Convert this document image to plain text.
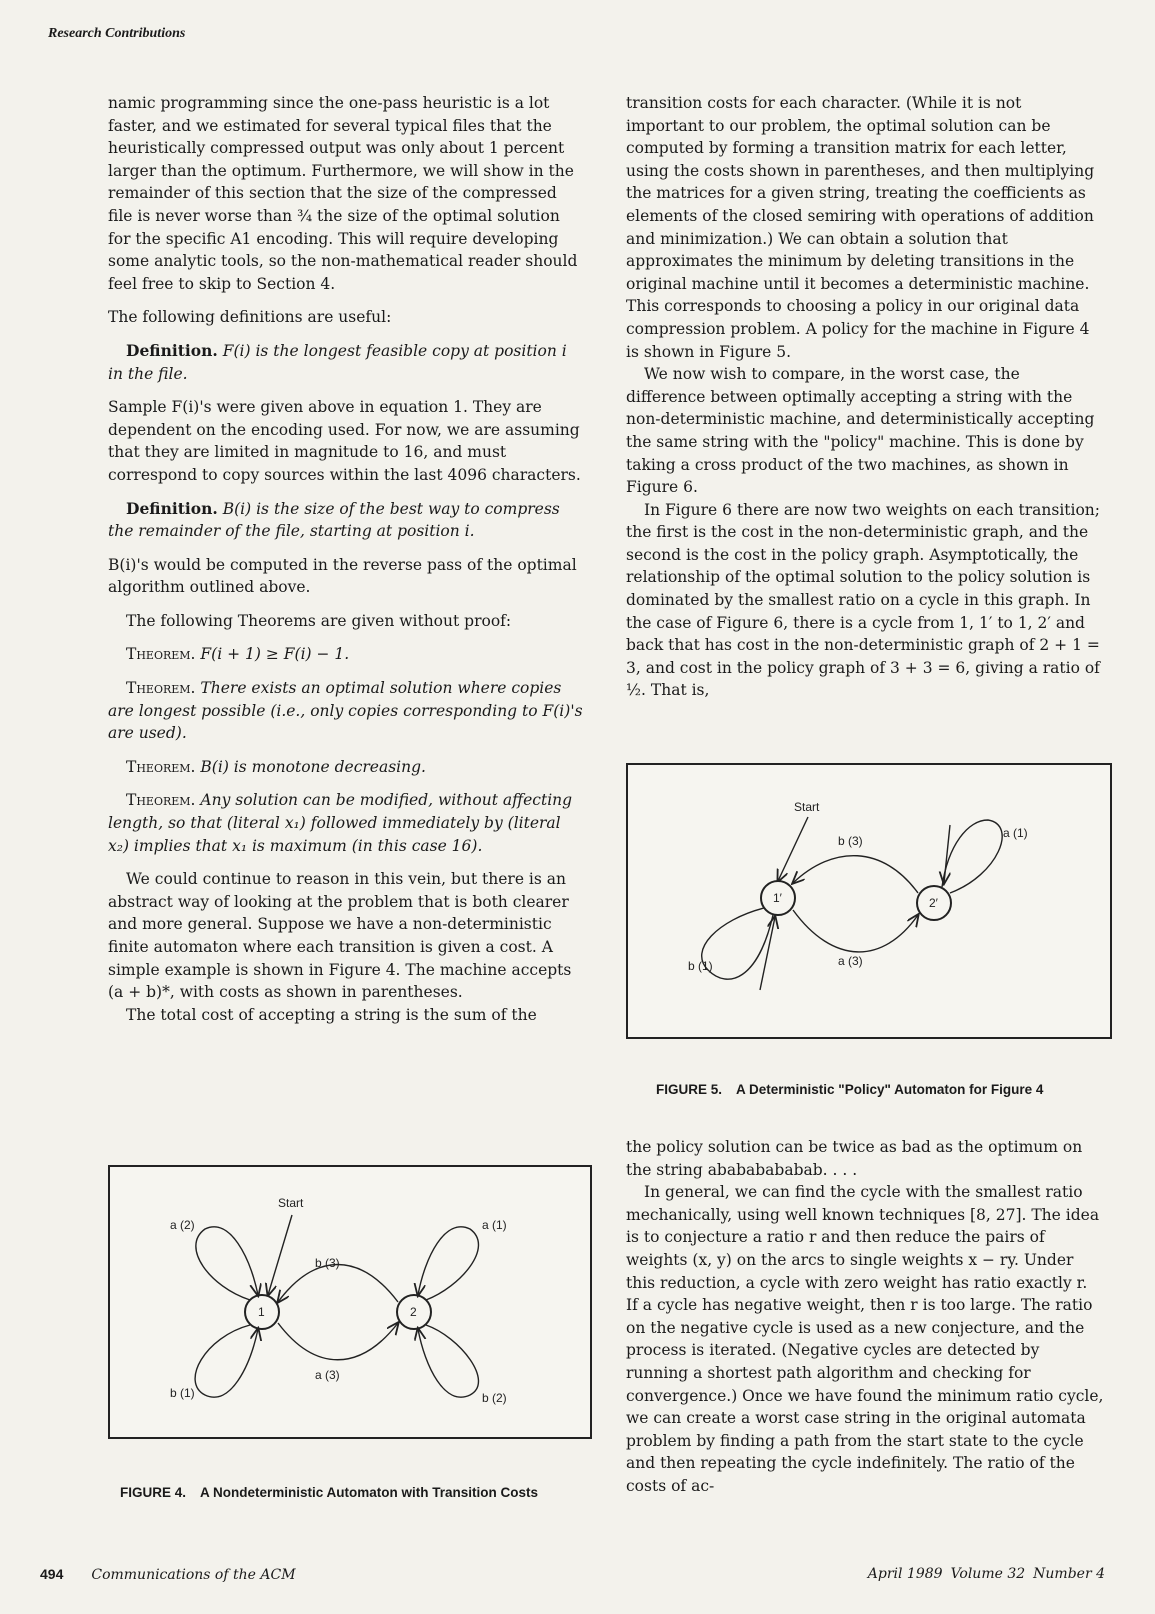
Research Contributions

namic programming since the one-pass heuristic is a lot faster, and we estimated for several typical files that the heuristically compressed output was only about 1 percent larger than the optimum. Furthermore, we will show in the remainder of this section that the size of the compressed file is never worse than ¾ the size of the optimal solution for the specific A1 encoding. This will require developing some analytic tools, so the non-mathematical reader should feel free to skip to Section 4.

The following definitions are useful:

Definition. F(i) is the longest feasible copy at position i in the file.

Sample F(i)'s were given above in equation 1. They are dependent on the encoding used. For now, we are assuming that they are limited in magnitude to 16, and must correspond to copy sources within the last 4096 characters.

Definition. B(i) is the size of the best way to compress the remainder of the file, starting at position i.

B(i)'s would be computed in the reverse pass of the optimal algorithm outlined above.

The following Theorems are given without proof:

Theorem. F(i + 1) ≥ F(i) − 1.

Theorem. There exists an optimal solution where copies are longest possible (i.e., only copies corresponding to F(i)'s are used).

Theorem. B(i) is monotone decreasing.

Theorem. Any solution can be modified, without affecting length, so that (literal x₁) followed immediately by (literal x₂) implies that x₁ is maximum (in this case 16).

We could continue to reason in this vein, but there is an abstract way of looking at the problem that is both clearer and more general. Suppose we have a non-deterministic finite automaton where each transition is given a cost. A simple example is shown in Figure 4. The machine accepts (a + b)*, with costs as shown in parentheses.

The total cost of accepting a string is the sum of the

transition costs for each character. (While it is not important to our problem, the optimal solution can be computed by forming a transition matrix for each letter, using the costs shown in parentheses, and then multiplying the matrices for a given string, treating the coefficients as elements of the closed semiring with operations of addition and minimization.) We can obtain a solution that approximates the minimum by deleting transitions in the original machine until it becomes a deterministic machine. This corresponds to choosing a policy in our original data compression problem. A policy for the machine in Figure 4 is shown in Figure 5.

We now wish to compare, in the worst case, the difference between optimally accepting a string with the non-deterministic machine, and deterministically accepting the same string with the "policy" machine. This is done by taking a cross product of the two machines, as shown in Figure 6.

In Figure 6 there are now two weights on each transition; the first is the cost in the non-deterministic graph, and the second is the cost in the policy graph. Asymptotically, the relationship of the optimal solution to the policy solution is dominated by the smallest ratio on a cycle in this graph. In the case of Figure 6, there is a cycle from 1, 1′ to 1, 2′ and back that has cost in the non-deterministic graph of 2 + 1 = 3, and cost in the policy graph of 3 + 3 = 6, giving a ratio of ½. That is,

Start
1′	2′
b (3)
a (3)
a (1)
b (1)
FIGURE 5. A Deterministic "Policy" Automaton for Figure 4

the policy solution can be twice as bad as the optimum on the string abababababab. . . .

In general, we can find the cycle with the smallest ratio mechanically, using well known techniques [8, 27]. The idea is to conjecture a ratio r and then reduce the pairs of weights (x, y) on the arcs to single weights x − ry. Under this reduction, a cycle with zero weight has ratio exactly r. If a cycle has negative weight, then r is too large. The ratio on the negative cycle is used as a new conjecture, and the process is iterated. (Negative cycles are detected by running a shortest path algorithm and checking for convergence.) Once we have found the minimum ratio cycle, we can create a worst case string in the original automata problem by finding a path from the start state to the cycle and then repeating the cycle indefinitely. The ratio of the costs of ac-

Start
1	2
b (3)
a (3)
a (2)
b (1)
a (1)
b (2)
FIGURE 4. A Nondeterministic Automaton with Transition Costs
494 Communications of the ACM	April 1989 Volume 32 Number 4
